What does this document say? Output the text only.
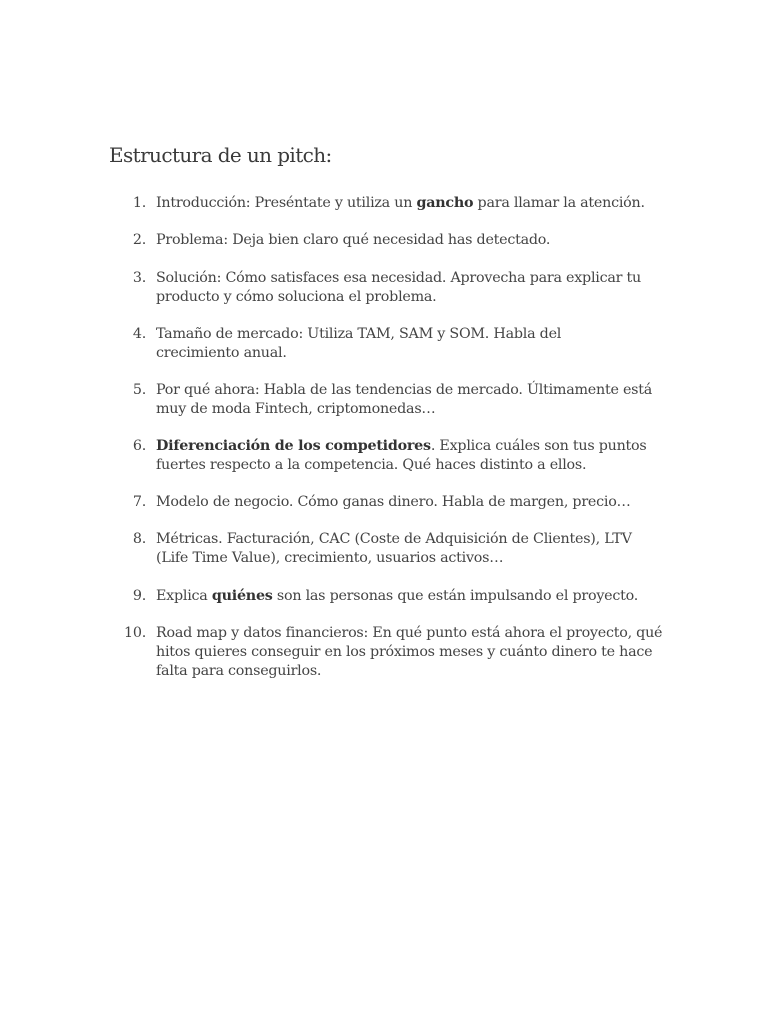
Estructura de un pitch:
1. Introducción: Preséntate y utiliza un gancho para llamar la atención.
2. Problema: Deja bien claro qué necesidad has detectado.
3. Solución: Cómo satisfaces esa necesidad. Aprovecha para explicar tu
producto y cómo soluciona el problema.
4. Tamaño de mercado: Utiliza TAM, SAM y SOM. Habla del
crecimiento anual.
5. Por qué ahora: Habla de las tendencias de mercado. Últimamente está
muy de moda Fintech, criptomonedas…
6. Diferenciación de los competidores. Explica cuáles son tus puntos
fuertes respecto a la competencia. Qué haces distinto a ellos.
7. Modelo de negocio. Cómo ganas dinero. Habla de margen, precio…
8. Métricas. Facturación, CAC (Coste de Adquisición de Clientes), LTV
(Life Time Value), crecimiento, usuarios activos…
9. Explica quiénes son las personas que están impulsando el proyecto.
10. Road map y datos financieros: En qué punto está ahora el proyecto, qué
hitos quieres conseguir en los próximos meses y cuánto dinero te hace
falta para conseguirlos.
